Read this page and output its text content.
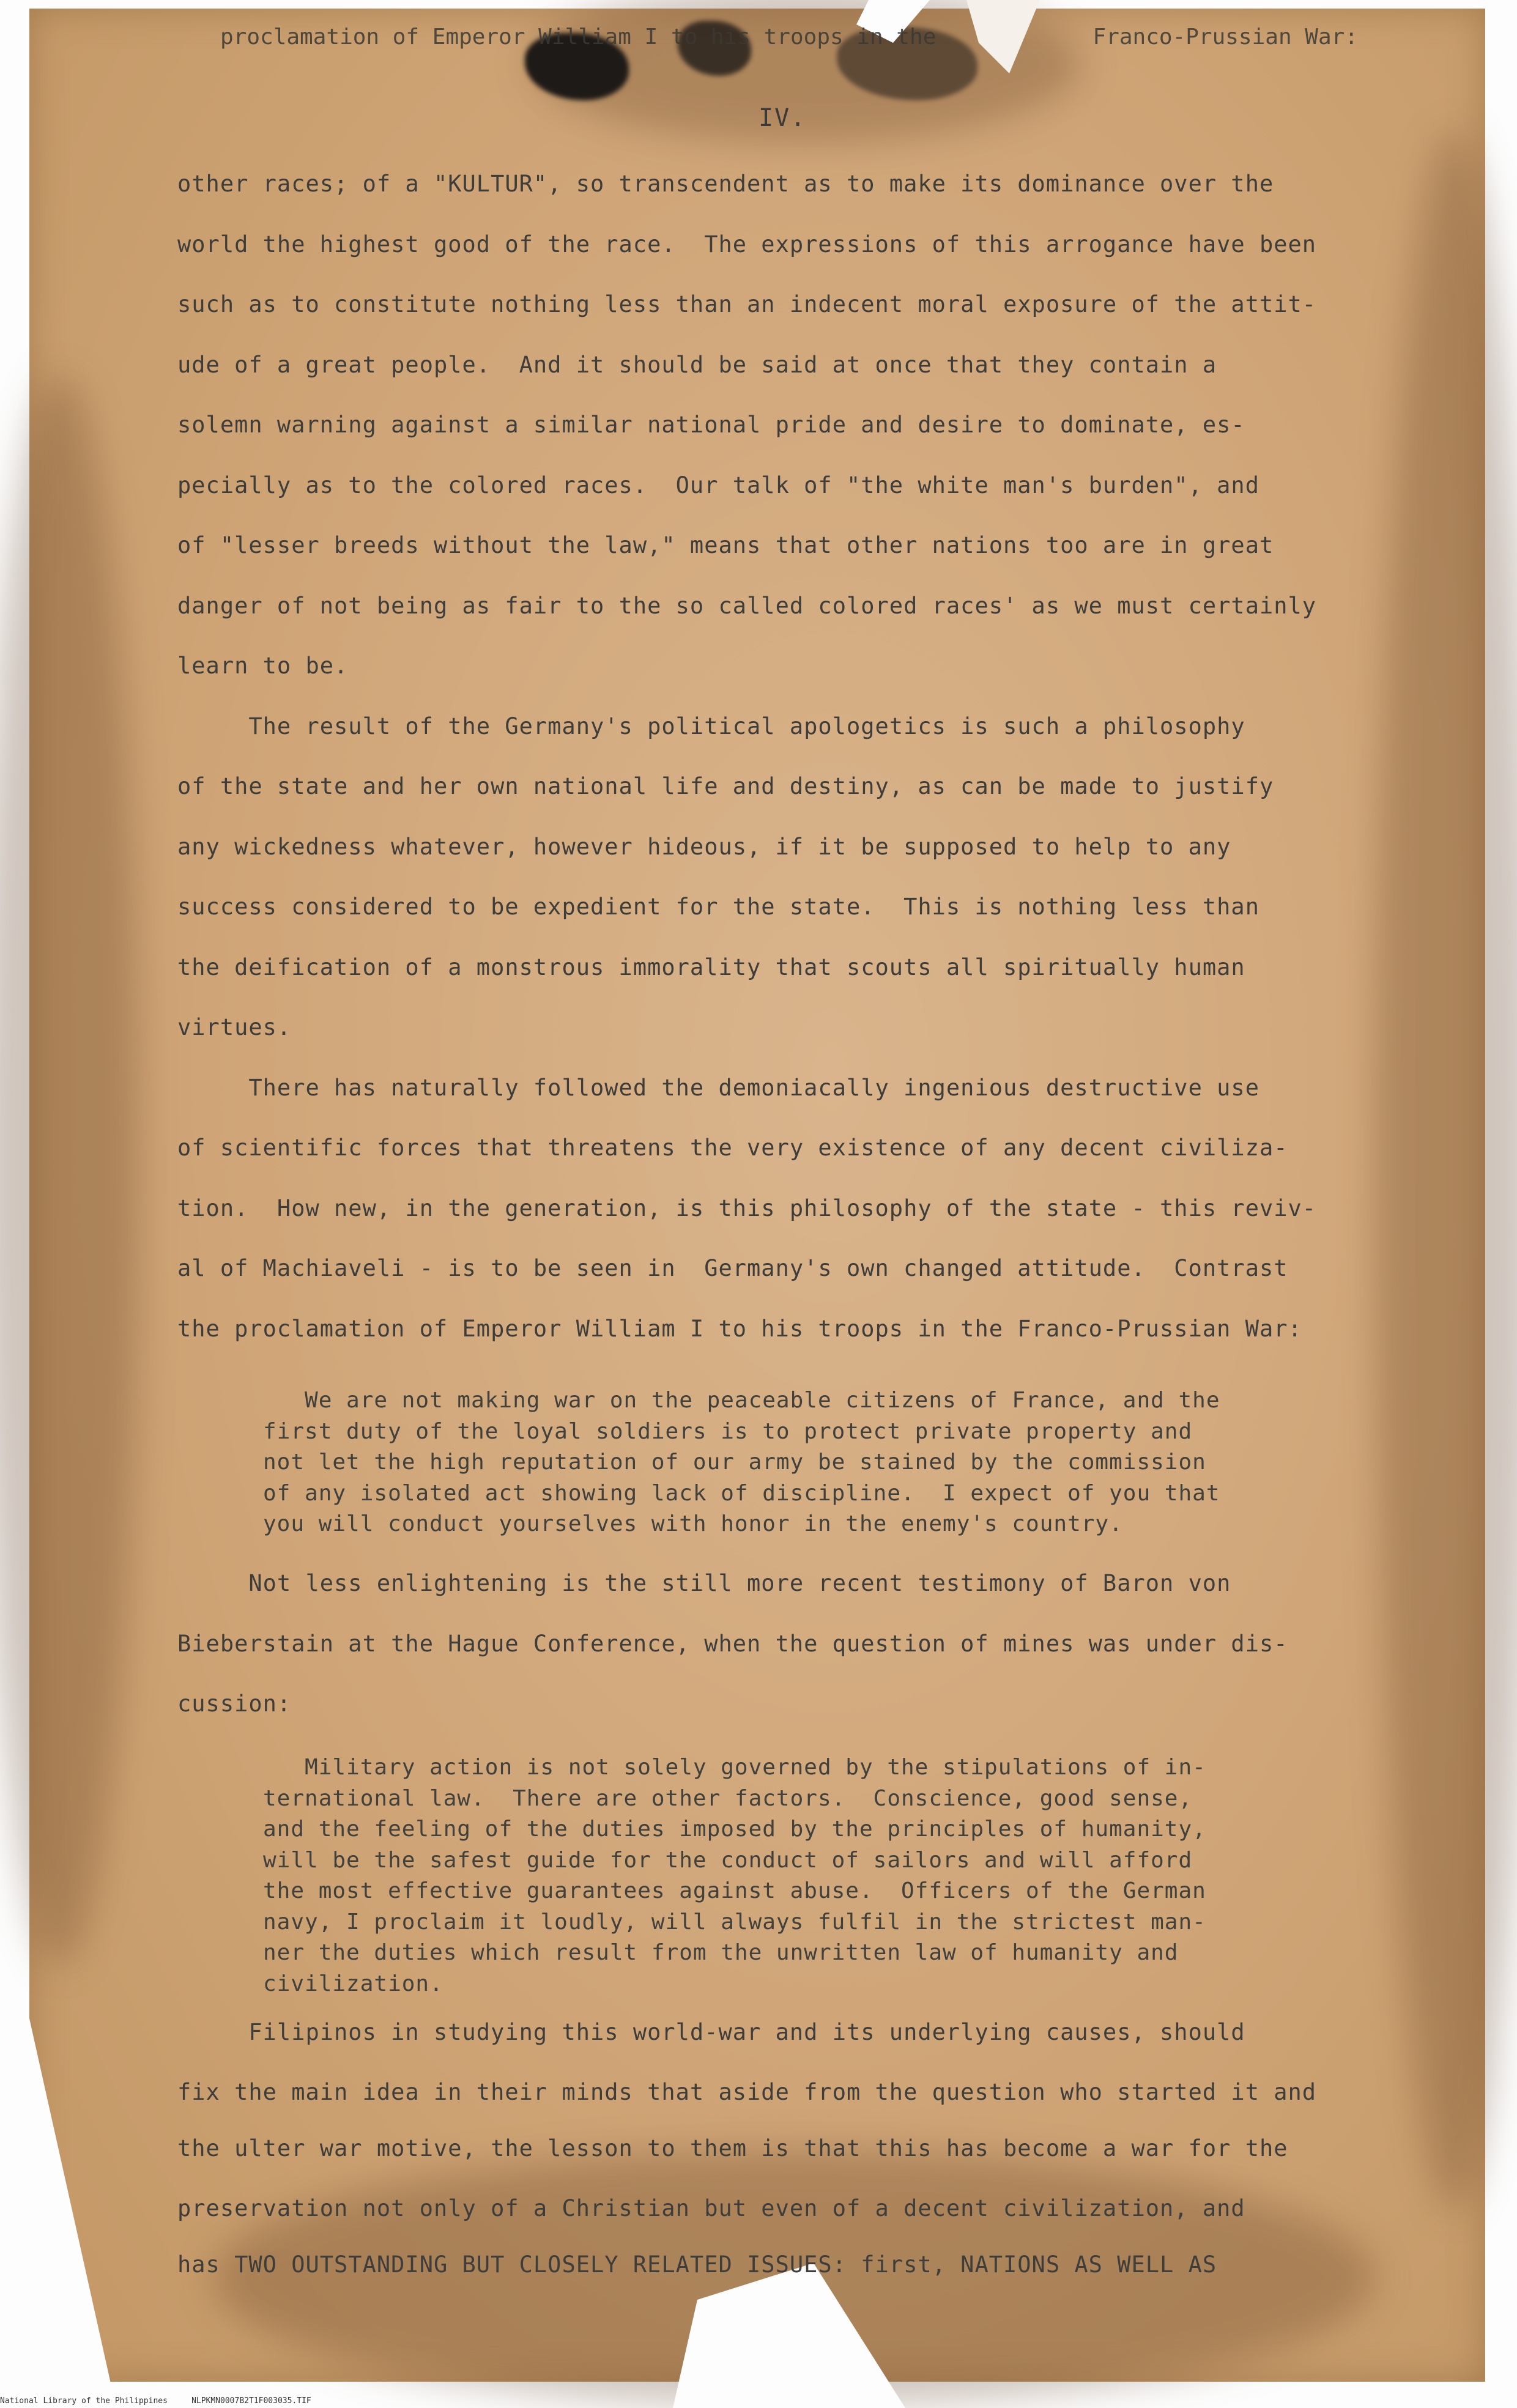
proclamation of Emperor William I to his troops in the	Franco-Prussian War:
IV.
other races; of a "KULTUR", so transcendent as to make its dominance over the
world the highest good of the race.  The expressions of this arrogance have been
such as to constitute nothing less than an indecent moral exposure of the attit-
ude of a great people.  And it should be said at once that they contain a
solemn warning against a similar national pride and desire to dominate, es-
pecially as to the colored races.  Our talk of "the white man's burden", and
of "lesser breeds without the law," means that other nations too are in great
danger of not being as fair to the so called colored races' as we must certainly
learn to be.
The result of the Germany's political apologetics is such a philosophy
of the state and her own national life and destiny, as can be made to justify
any wickedness whatever, however hideous, if it be supposed to help to any
success considered to be expedient for the state.  This is nothing less than
the deification of a monstrous immorality that scouts all spiritually human
virtues.
There has naturally followed the demoniacally ingenious destructive use
of scientific forces that threatens the very existence of any decent civiliza-
tion.  How new, in the generation, is this philosophy of the state - this reviv-
al of Machiaveli - is to be seen in  Germany's own changed attitude.  Contrast
the proclamation of Emperor William I to his troops in the Franco-Prussian War:
We are not making war on the peaceable citizens of France, and the
first duty of the loyal soldiers is to protect private property and
not let the high reputation of our army be stained by the commission
of any isolated act showing lack of discipline.  I expect of you that
you will conduct yourselves with honor in the enemy's country.
Not less enlightening is the still more recent testimony of Baron von
Bieberstain at the Hague Conference, when the question of mines was under dis-
cussion:
Military action is not solely governed by the stipulations of in-
ternational law.  There are other factors.  Conscience, good sense,
and the feeling of the duties imposed by the principles of humanity,
will be the safest guide for the conduct of sailors and will afford
the most effective guarantees against abuse.  Officers of the German
navy, I proclaim it loudly, will always fulfil in the strictest man-
ner the duties which result from the unwritten law of humanity and
civilization.
Filipinos in studying this world-war and its underlying causes, should
fix the main idea in their minds that aside from the question who started it and
the ulter war motive, the lesson to them is that this has become a war for the
preservation not only of a Christian but even of a decent civilization, and
has TWO OUTSTANDING BUT CLOSELY RELATED ISSUES: first, NATIONS AS WELL AS
National Library of the Philippines     NLPKMN0007B2T1F003035.TIF
